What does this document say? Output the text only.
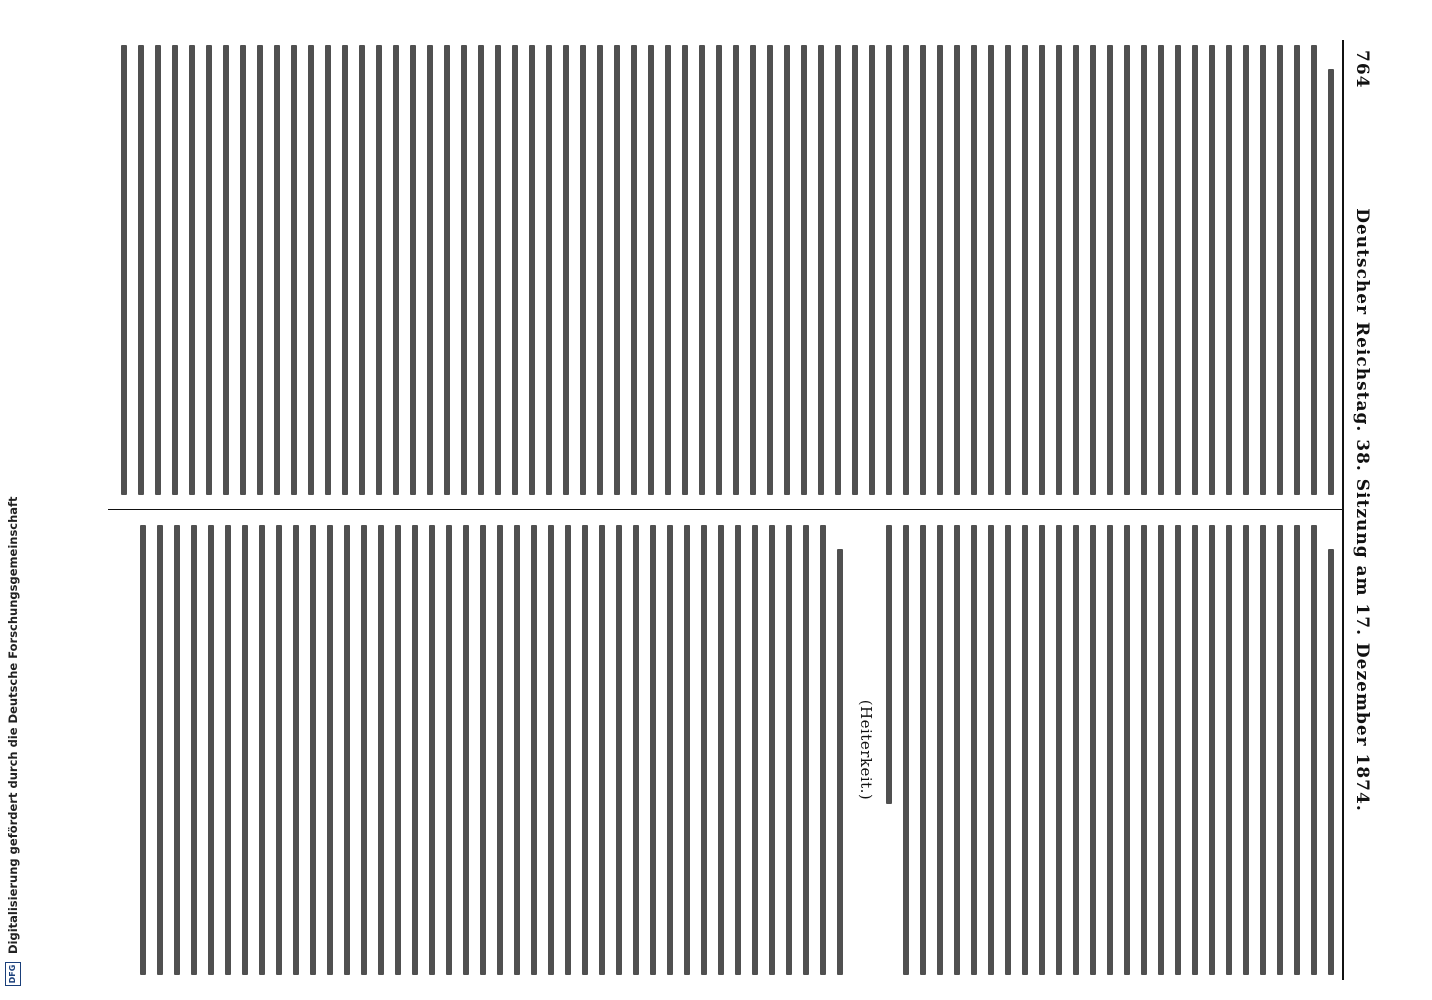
764
Deutscher Reichstag. 38. Sitzung am 17. Dezember 1874.
(Heiterkeit.)
DFG
Digitalisierung gefördert durch die Deutsche Forschungsgemeinschaft
